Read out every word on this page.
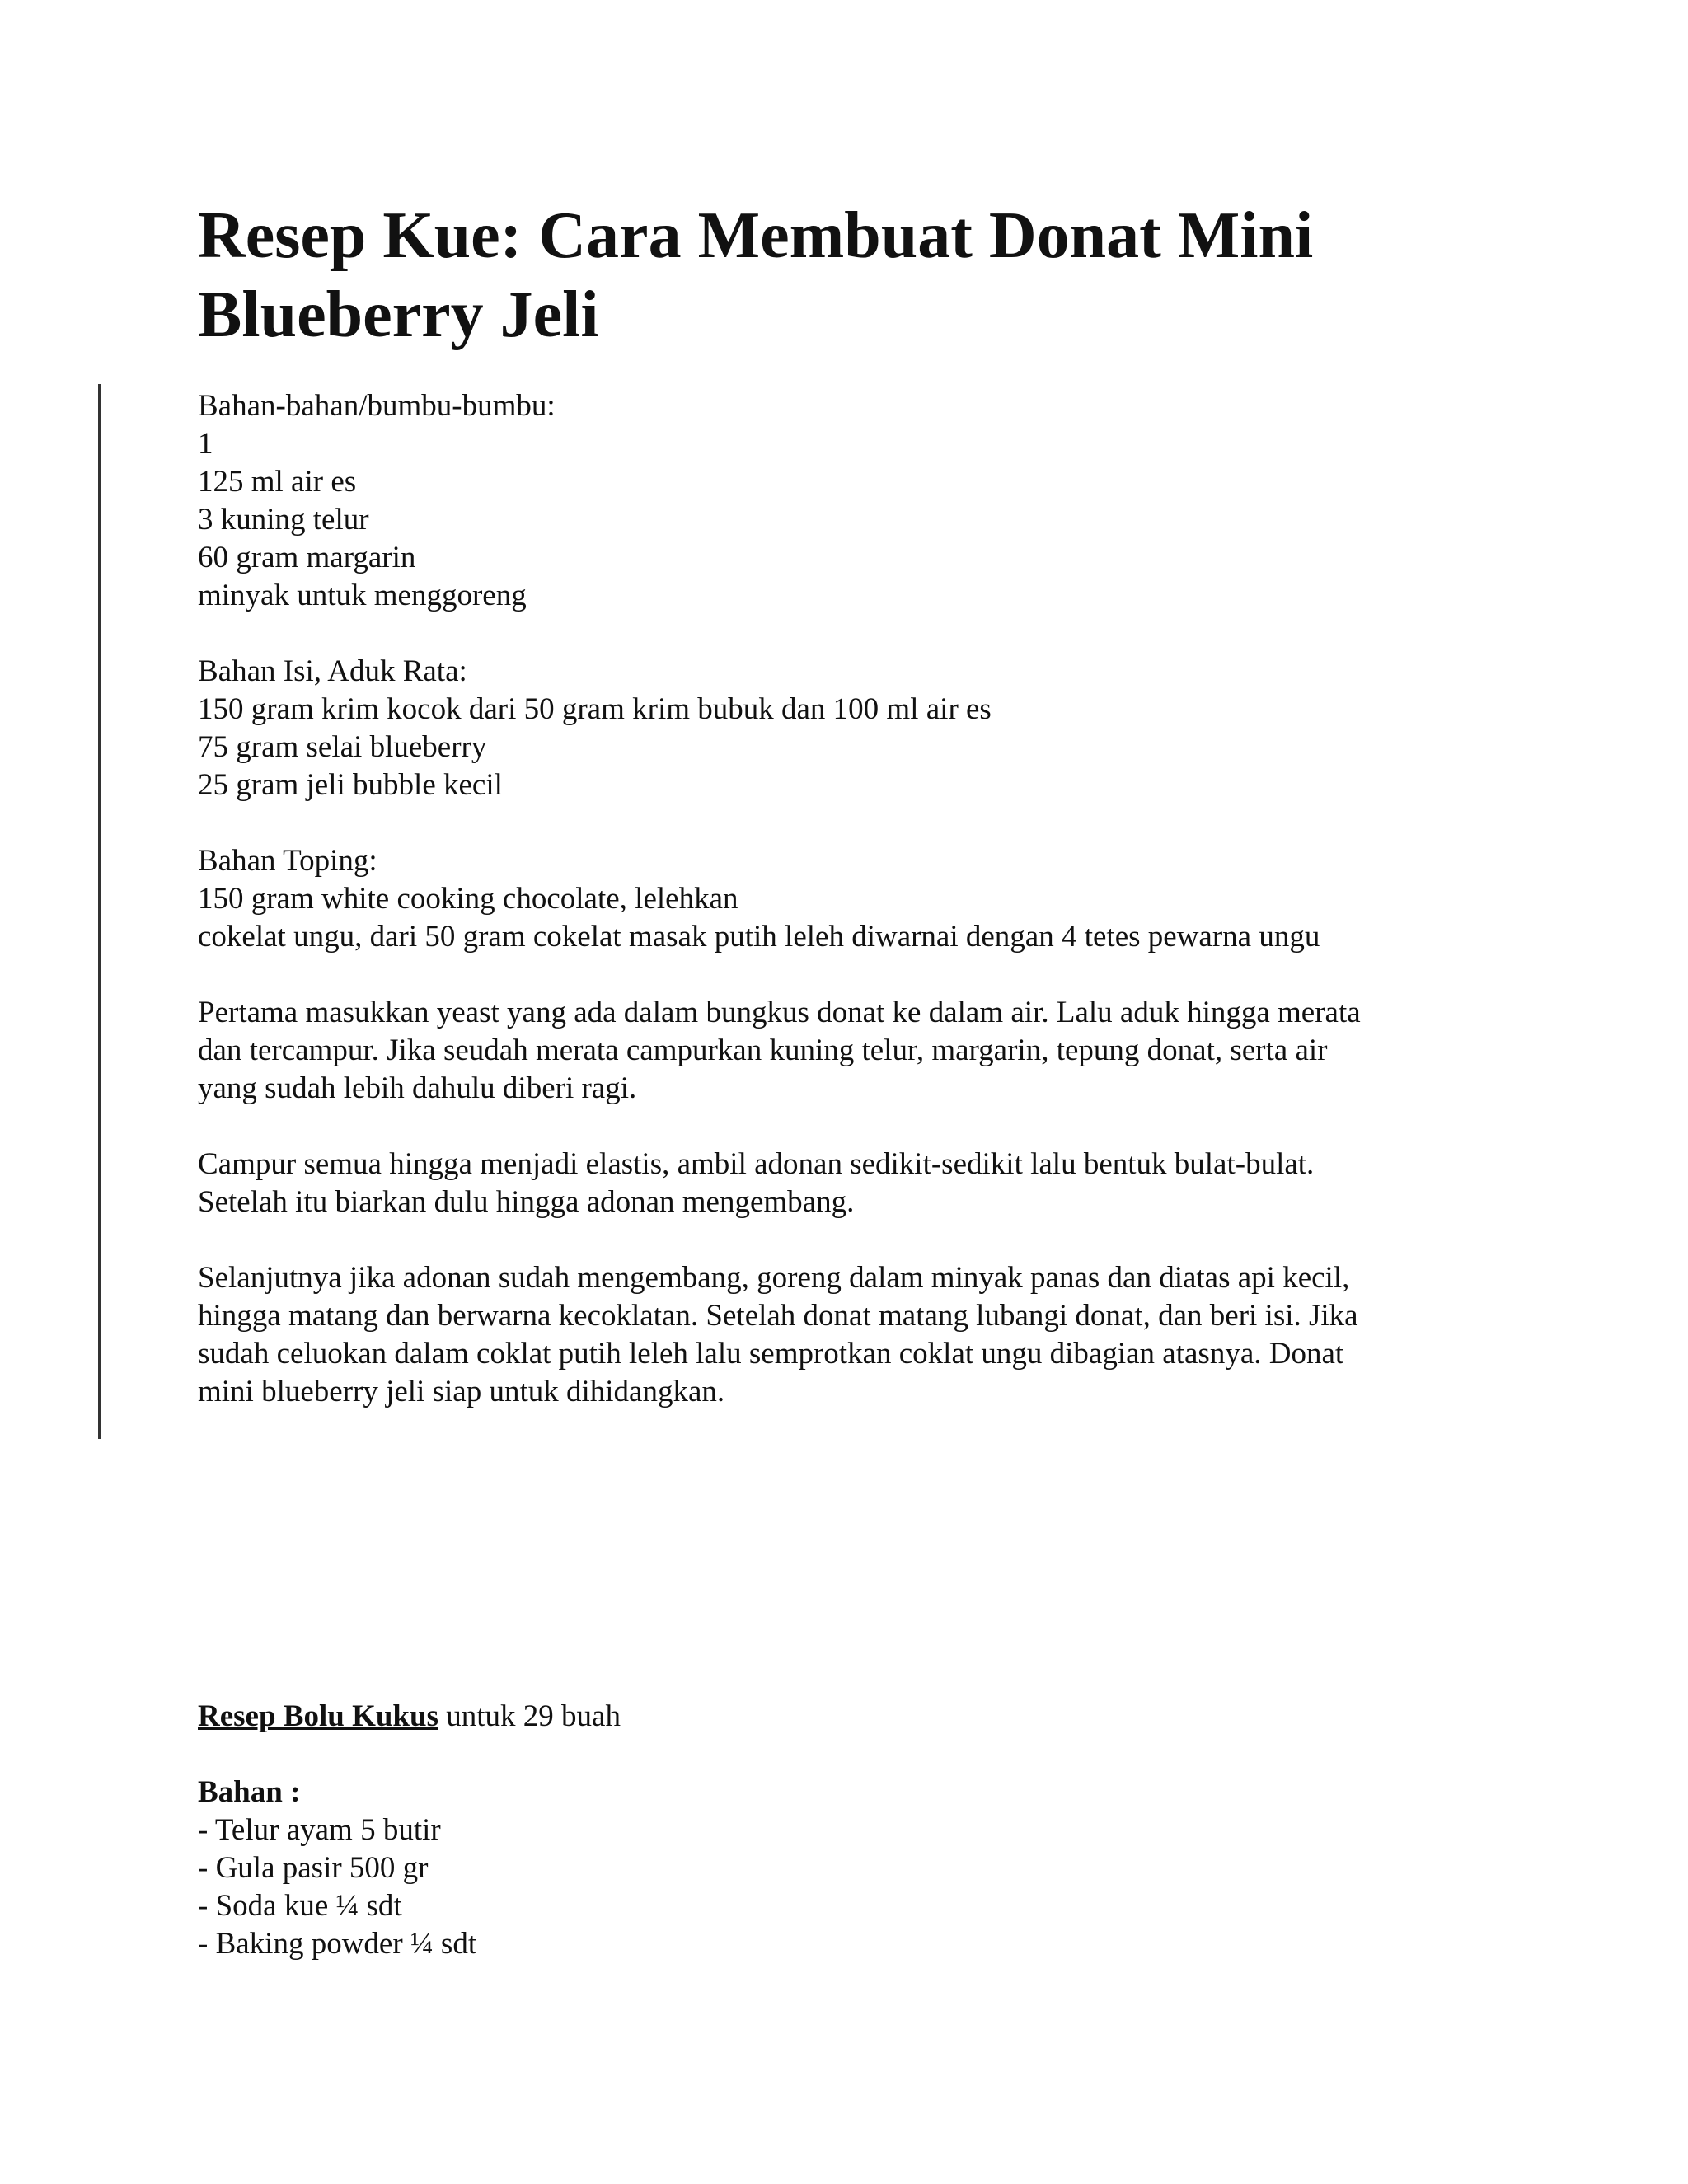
Resep Kue: Cara Membuat Donat Mini
Blueberry Jeli
Bahan-bahan/bumbu-bumbu:
1
125 ml air es
3 kuning telur
60 gram margarin
minyak untuk menggoreng
Bahan Isi, Aduk Rata:
150 gram krim kocok dari 50 gram krim bubuk dan 100 ml air es
75 gram selai blueberry
25 gram jeli bubble kecil
Bahan Toping:
150 gram white cooking chocolate, lelehkan
cokelat ungu, dari 50 gram cokelat masak putih leleh diwarnai dengan 4 tetes pewarna ungu
Pertama masukkan yeast yang ada dalam bungkus donat ke dalam air. Lalu aduk hingga merata
dan tercampur. Jika seudah merata campurkan kuning telur, margarin, tepung donat, serta air
yang sudah lebih dahulu diberi ragi.
Campur semua hingga menjadi elastis, ambil adonan sedikit-sedikit lalu bentuk bulat-bulat.
Setelah itu biarkan dulu hingga adonan mengembang.
Selanjutnya jika adonan sudah mengembang, goreng dalam minyak panas dan diatas api kecil,
hingga matang dan berwarna kecoklatan. Setelah donat matang lubangi donat, dan beri isi. Jika
sudah celuokan dalam coklat putih leleh lalu semprotkan coklat ungu dibagian atasnya. Donat
mini blueberry jeli siap untuk dihidangkan.
Resep Bolu Kukus untuk 29 buah
Bahan :
- Telur ayam 5 butir
- Gula pasir 500 gr
- Soda kue ¼ sdt
- Baking powder ¼ sdt
